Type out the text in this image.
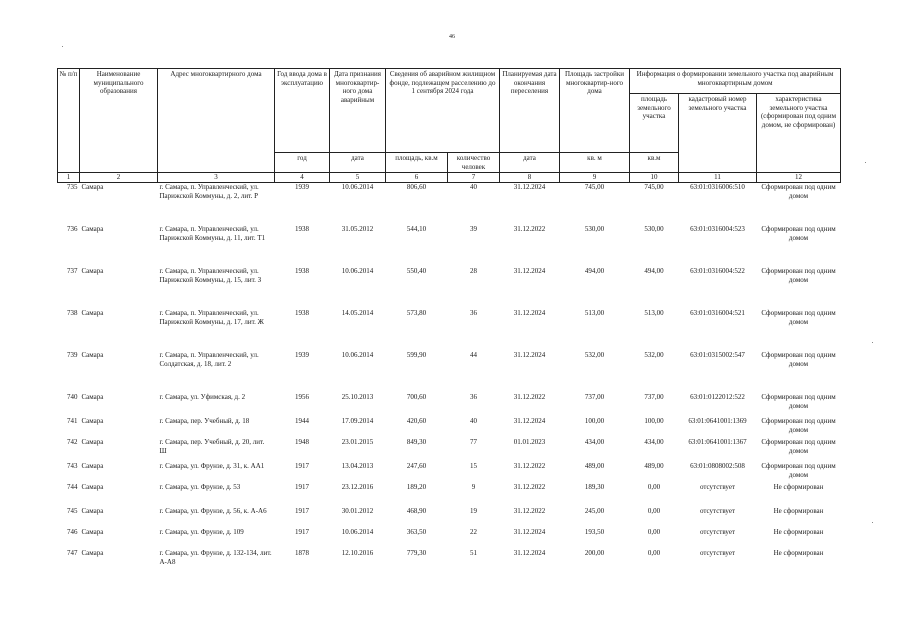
46
№ п/п	Наименование муниципального образования	Адрес многоквартирного дома	Год ввода дома в эксплуатацию	Дата признания многоквартир-ного дома аварийным	Сведения об аварийном жилищном фонде, подлежащем расселению до 1 сентября 2024 года		Планируемая дата окончания переселения	Площадь застройки многоквартир-ного дома	Информация о формировании земельного участка под аварийным многоквартирным домом		
									площадь земельного участка	кадастровый номер земельного участка	характеристика земельного участка (сформирован под одним домом, не сформирован)
			год	дата	площадь, кв.м	количество человек	дата	кв. м	кв.м		
1	2	3	4	5	6	7	8	9	10	11	12
735	Самара	г. Самара, п. Управленческий, ул. Парижской Коммуны, д. 2, лит. Р	1939	10.06.2014	806,60	40	31.12.2024	745,00	745,00	63:01:0316006:510	Сформирован под одним домом
736	Самара	г. Самара, п. Управленческий, ул. Парижской Коммуны, д. 11, лит. Т1	1938	31.05.2012	544,10	39	31.12.2022	530,00	530,00	63:01:0316004:523	Сформирован под одним домом
737	Самара	г. Самара, п. Управленческий, ул. Парижской Коммуны, д. 15, лит. З	1938	10.06.2014	550,40	28	31.12.2024	494,00	494,00	63:01:0316004:522	Сформирован под одним домом
738	Самара	г. Самара, п. Управленческий, ул. Парижской Коммуны, д. 17, лит. Ж	1938	14.05.2014	573,80	36	31.12.2024	513,00	513,00	63:01:0316004:521	Сформирован под одним домом
739	Самара	г. Самара, п. Управленческий, ул. Солдатская, д. 18, лит. 2	1939	10.06.2014	599,90	44	31.12.2024	532,00	532,00	63:01:0315002:547	Сформирован под одним домом
740	Самара	г. Самара, ул. Уфимская, д. 2	1956	25.10.2013	700,60	36	31.12.2022	737,00	737,00	63:01:0122012:522	Сформирован под одним домом
741	Самара	г. Самара, пер. Учебный, д. 18	1944	17.09.2014	420,60	40	31.12.2024	100,00	100,00	63:01:0641001:1369	Сформирован под одним домом
742	Самара	г. Самара, пер. Учебный, д. 20, лит. Ш	1948	23.01.2015	849,30	77	01.01.2023	434,00	434,00	63:01:0641001:1367	Сформирован под одним домом
743	Самара	г. Самара, ул. Фрунзе, д. 31, к. АА1	1917	13.04.2013	247,60	15	31.12.2022	489,00	489,00	63:01:0808002:508	Сформирован под одним домом
744	Самара	г. Самара, ул. Фрунзе, д. 53	1917	23.12.2016	189,20	9	31.12.2022	189,30	0,00	отсутствует	Не сформирован
745	Самара	г. Самара, ул. Фрунзе, д. 56, к. А-А6	1917	30.01.2012	468,90	19	31.12.2022	245,00	0,00	отсутствует	Не сформирован
746	Самара	г. Самара, ул. Фрунзе, д. 109	1917	10.06.2014	363,50	22	31.12.2024	193,50	0,00	отсутствует	Не сформирован
747	Самара	г. Самара, ул. Фрунзе, д. 132-134, лит. А-А8	1878	12.10.2016	779,30	51	31.12.2024	200,00	0,00	отсутствует	Не сформирован
